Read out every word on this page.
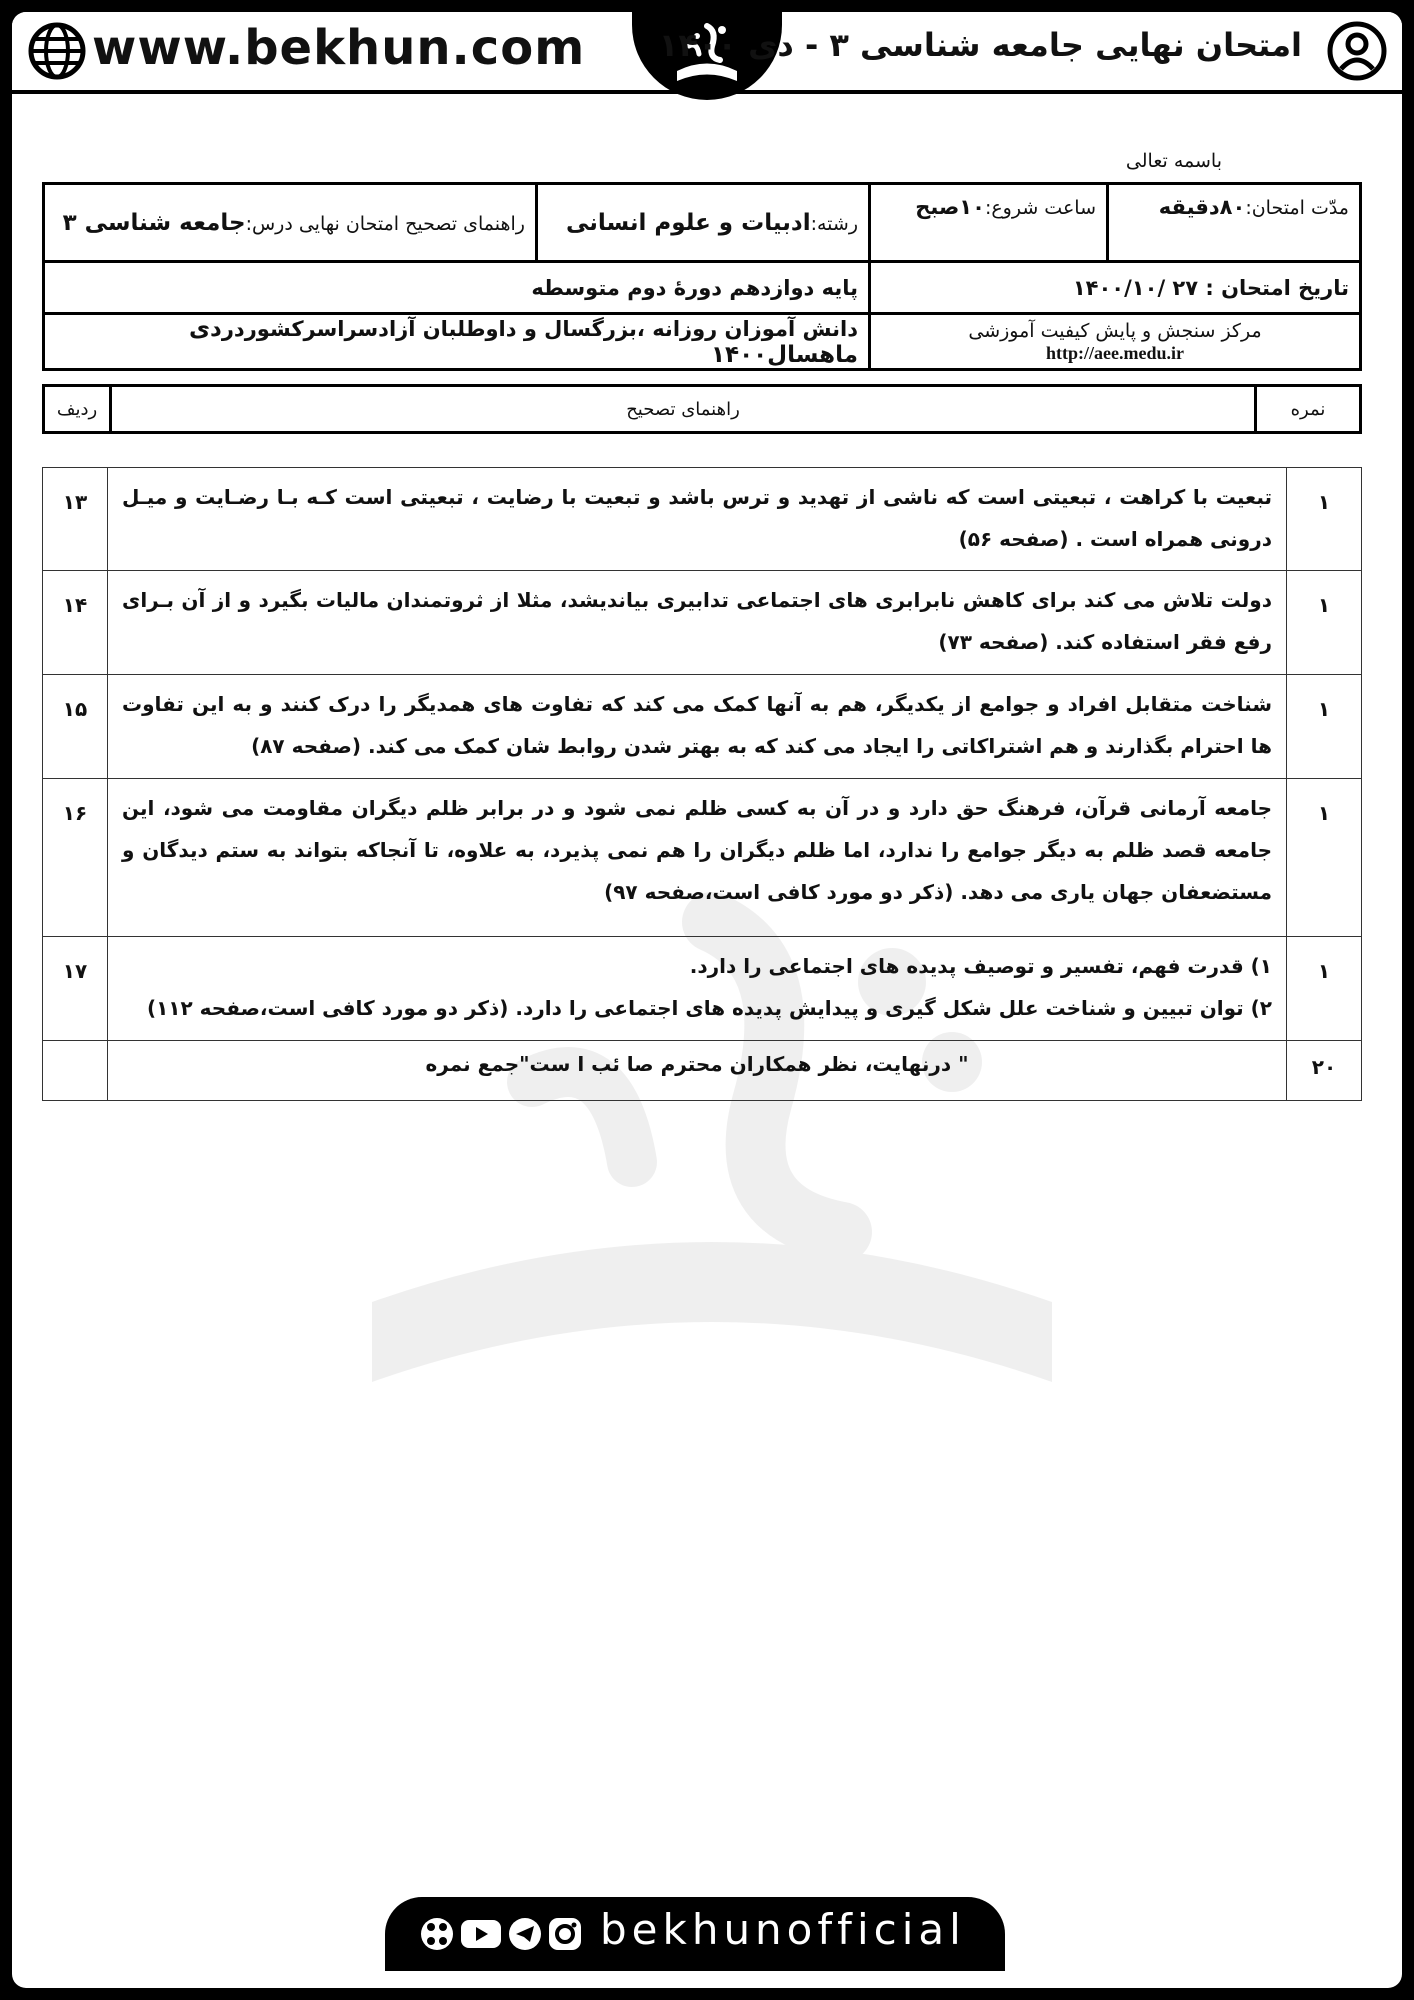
www.bekhun.com امتحان نهایی جامعه شناسی ۳ - دی ۱۴۰۰
باسمه تعالی
راهنمای تصحیح امتحان نهایی درس:جامعه شناسی ۳	رشته:ادبیات و علوم انسانی	ساعت شروع:۱۰صبح	مدّت امتحان:۸۰دقیقه
پایه دوازدهم دورهٔ دوم متوسطه		تاریخ امتحان : ۲۷ /۱۴۰۰/۱۰	
دانش آموزان روزانه ،بزرگسال و داوطلبان آزادسراسرکشوردردی ماهسال۱۴۰۰		مرکز سنجش و پایش کیفیت آموزشی
http://aee.medu.ir	
ردیف	راهنمای تصحیح	نمره
۱۳	تبعیت با کراهت ، تبعیتی است که ناشی از تهدید و ترس باشد و تبعیت با رضایت ، تبعیتی است کـه بـا رضـایت و میـل درونی همراه است . (صفحه ۵۶)	۱
۱۴	دولت تلاش می کند برای کاهش نابرابری های اجتماعی تدابیری بیاندیشد، مثلا از ثروتمندان مالیات بگیرد و از آن بـرای رفع فقر استفاده کند. (صفحه ۷۳)	۱
۱۵	شناخت متقابل افراد و جوامع از یکدیگر، هم به آنها کمک می کند که تفاوت های همدیگر را درک کنند و به این تفاوت ها احترام بگذارند و هم اشتراکاتی را ایجاد می کند که به بهتر شدن روابط شان کمک می کند. (صفحه ۸۷)	۱
۱۶	جامعه آرمانی قرآن، فرهنگ حق دارد و در آن به کسی ظلم نمی شود و در برابر ظلم دیگران مقاومت می شود، این جامعه قصد ظلم به دیگر جوامع را ندارد، اما ظلم دیگران را هم نمی پذیرد، به علاوه، تا آنجاکه بتواند به ستم دیدگان و مستضعفان جهان یاری می دهد. (ذکر دو مورد کافی است،صفحه ۹۷)	۱
۱۷	۱) قدرت فهم، تفسیر و توصیف پدیده های اجتماعی را دارد.
۲) توان تبیین و شناخت علل شکل گیری و پیدایش پدیده های اجتماعی را دارد. (ذکر دو مورد کافی است،صفحه ۱۱۲)	۱
	" درنهایت، نظر همکاران محترم صا ئب ا ست"جمع نمره	۲۰
bekhunofficial
